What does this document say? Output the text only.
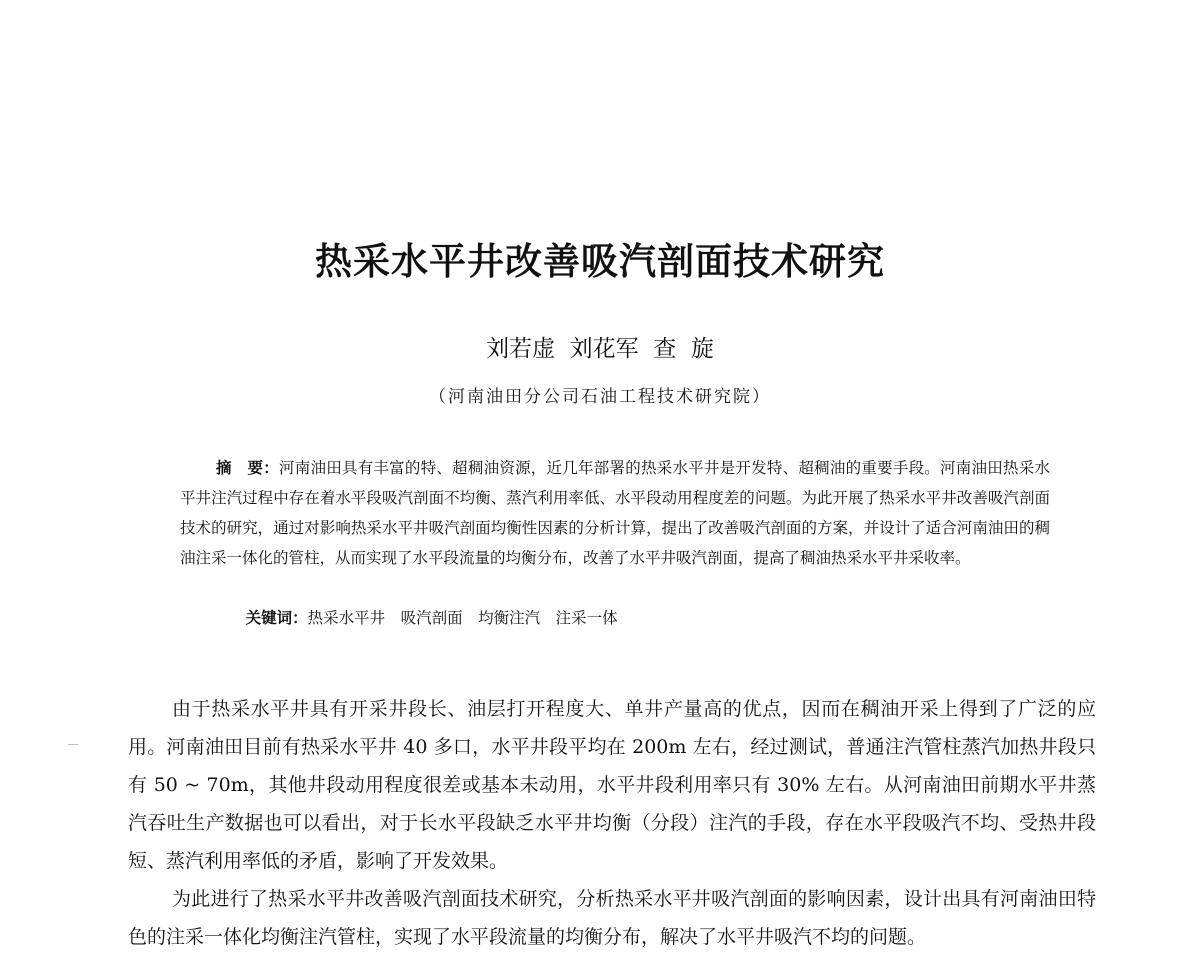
热采水平井改善吸汽剖面技术研究
刘若虚  刘花军  查  旋
（河南油田分公司石油工程技术研究院）

摘　要：河南油田具有丰富的特、超稠油资源，近几年部署的热采水平井是开发特、超稠油的重要手段。河南油田热采水平井注汽过程中存在着水平段吸汽剖面不均衡、蒸汽利用率低、水平段动用程度差的问题。为此开展了热采水平井改善吸汽剖面技术的研究，通过对影响热采水平井吸汽剖面均衡性因素的分析计算，提出了改善吸汽剖面的方案，并设计了适合河南油田的稠油注采一体化的管柱，从而实现了水平段流量的均衡分布，改善了水平井吸汽剖面，提高了稠油热采水平井采收率。

关键词：热采水平井　吸汽剖面　均衡注汽　注采一体

由于热采水平井具有开采井段长、油层打开程度大、单井产量高的优点，因而在稠油开采上得到了广泛的应用。河南油田目前有热采水平井 40 多口，水平井段平均在 200m 左右，经过测试，普通注汽管柱蒸汽加热井段只有 50 ~ 70m，其他井段动用程度很差或基本未动用，水平井段利用率只有 30% 左右。从河南油田前期水平井蒸汽吞吐生产数据也可以看出，对于长水平段缺乏水平井均衡（分段）注汽的手段，存在水平段吸汽不均、受热井段短、蒸汽利用率低的矛盾，影响了开发效果。

为此进行了热采水平井改善吸汽剖面技术研究，分析热采水平井吸汽剖面的影响因素，设计出具有河南油田特色的注采一体化均衡注汽管柱，实现了水平段流量的均衡分布，解决了水平井吸汽不均的问题。
